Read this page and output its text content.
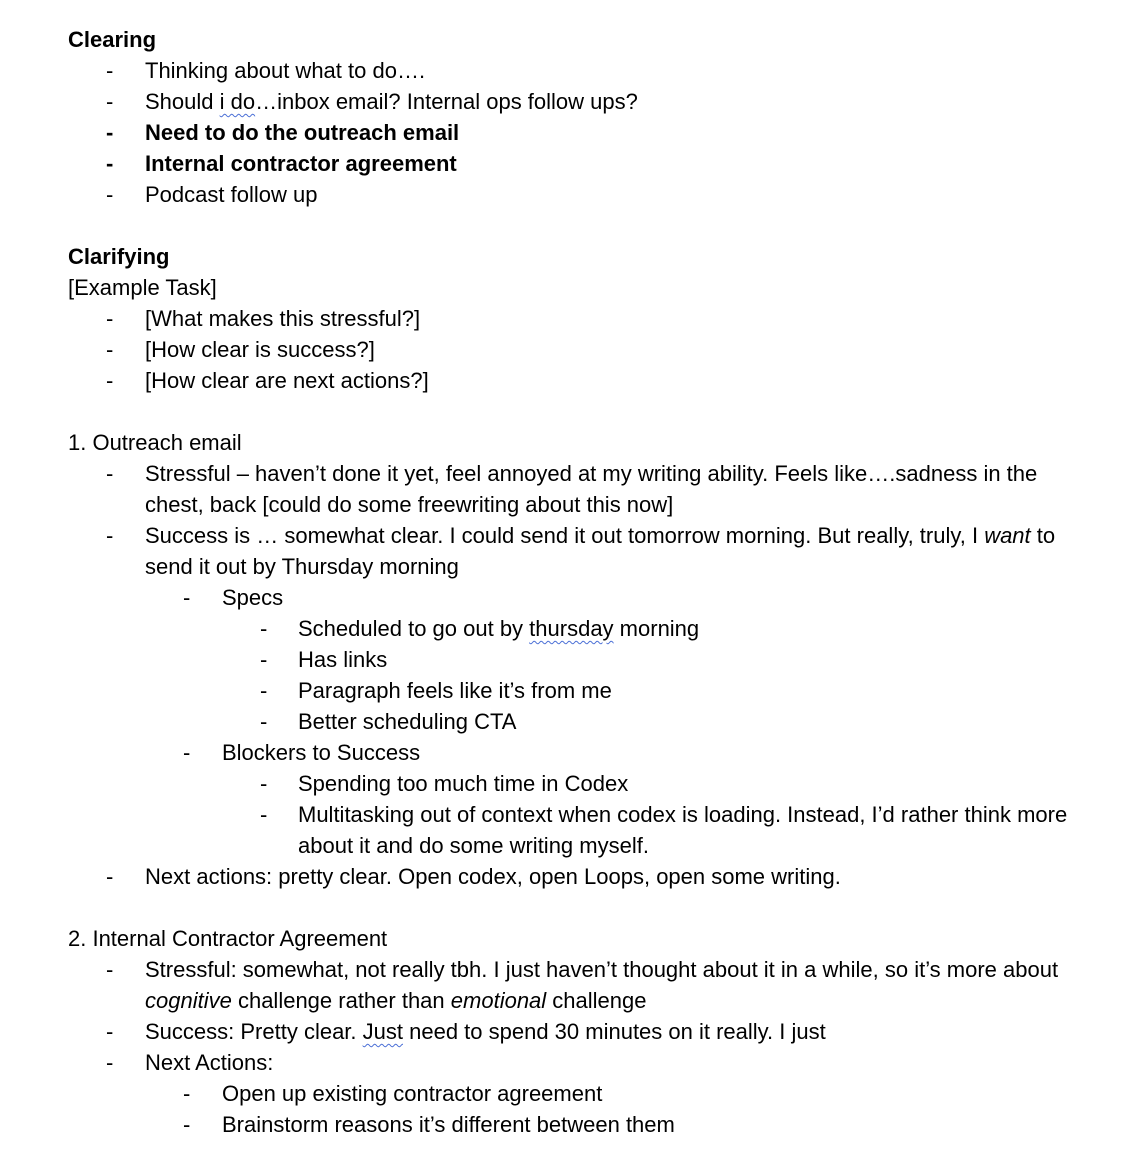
Clearing
- Thinking about what to do….
- Should i do…inbox email? Internal ops follow ups?
- Need to do the outreach email
- Internal contractor agreement
- Podcast follow up
Clarifying
[Example Task]
- [What makes this stressful?]
- [How clear is success?]
- [How clear are next actions?]
1. Outreach email
- Stressful – haven’t done it yet, feel annoyed at my writing ability. Feels like….sadness in the chest, back [could do some freewriting about this now]
- Success is … somewhat clear. I could send it out tomorrow morning. But really, truly, I want to send it out by Thursday morning
- Specs
- Scheduled to go out by thursday morning
- Has links
- Paragraph feels like it’s from me
- Better scheduling CTA
- Blockers to Success
- Spending too much time in Codex
- Multitasking out of context when codex is loading. Instead, I’d rather think more about it and do some writing myself.
- Next actions: pretty clear. Open codex, open Loops, open some writing.
2. Internal Contractor Agreement
- Stressful: somewhat, not really tbh. I just haven’t thought about it in a while, so it’s more about cognitive challenge rather than emotional challenge
- Success: Pretty clear. Just need to spend 30 minutes on it really. I just
- Next Actions:
- Open up existing contractor agreement
- Brainstorm reasons it’s different between them
